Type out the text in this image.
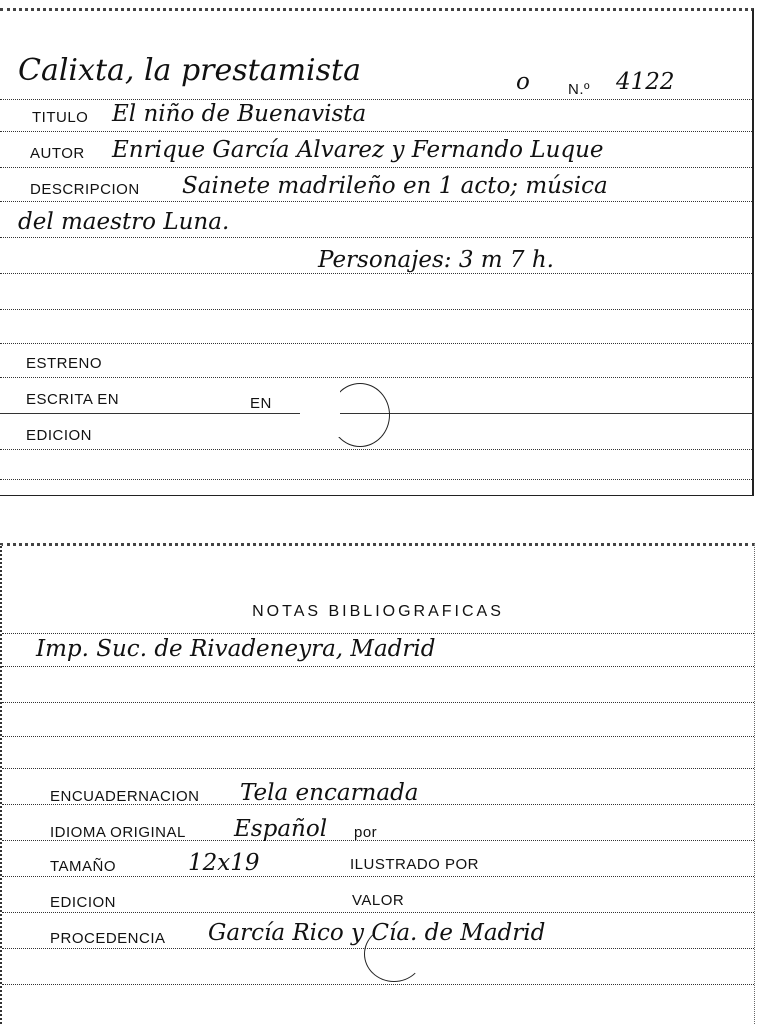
Calixta, la prestamista	o	N.º 4122
TITULO El niño de Buenavista
AUTOR Enrique García Alvarez y Fernando Luque
DESCRIPCION Sainete madrileño en 1 acto; música
del maestro Luna.
Personajes: 3 m 7 h.
ESTRENO
ESCRITA EN	EN
EDICION
NOTAS BIBLIOGRAFICAS
Imp. Suc. de Rivadeneyra, Madrid
ENCUADERNACION Tela encarnada
IDIOMA ORIGINAL Español por
TAMAÑO	12x19	ILUSTRADO POR
EDICION	VALOR
PROCEDENCIA García Rico y Cía. de Madrid
